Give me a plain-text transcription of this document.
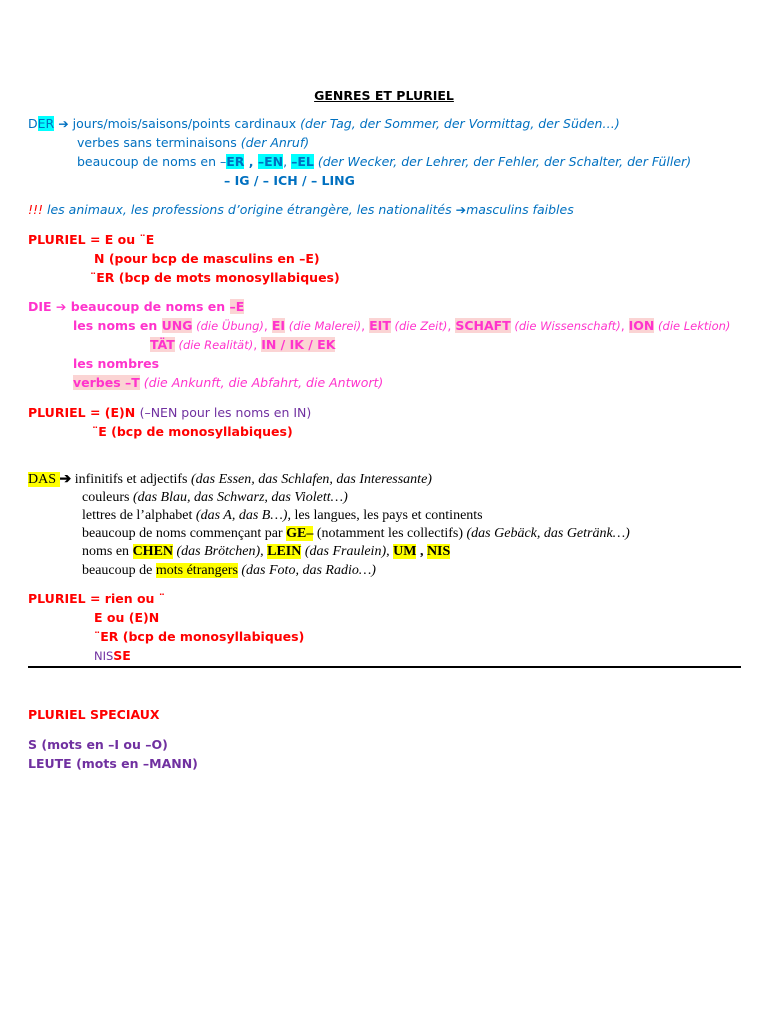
GENRES ET PLURIEL
DER ➔ jours/mois/saisons/points cardinaux (der Tag, der Sommer, der Vormittag, der Süden…)
verbes sans terminaisons (der Anruf)
beaucoup de noms en –ER , –EN, –EL (der Wecker, der Lehrer, der Fehler, der Schalter, der Füller)
– IG / – ICH / – LING
!!! les animaux, les professions d’origine étrangère, les nationalités ➔masculins faibles
PLURIEL = E ou ¨E
N (pour bcp de masculins en –E)
¨ER (bcp de mots monosyllabiques)
DIE ➔ beaucoup de noms en –E
les noms en UNG (die Übung), EI (die Malerei), EIT (die Zeit), SCHAFT (die Wissenschaft), ION (die Lektion)
TÄT (die Realität), IN / IK / EK
les nombres
verbes –T (die Ankunft, die Abfahrt, die Antwort)
PLURIEL = (E)N (–NEN pour les noms en IN)
¨E (bcp de monosyllabiques)
DAS ➔ infinitifs et adjectifs (das Essen, das Schlafen, das Interessante)
couleurs (das Blau, das Schwarz, das Violett…)
lettres de l’alphabet (das A, das B…), les langues, les pays et continents
beaucoup de noms commençant par GE– (notamment les collectifs) (das Gebäck, das Getränk…)
noms en CHEN (das Brötchen), LEIN (das Fraulein), UM , NIS
beaucoup de mots étrangers (das Foto, das Radio…)
PLURIEL = rien ou ¨
E ou (E)N
¨ER (bcp de monosyllabiques)
NISSE
PLURIEL SPECIAUX
S (mots en –I ou –O)
LEUTE (mots en –MANN)
